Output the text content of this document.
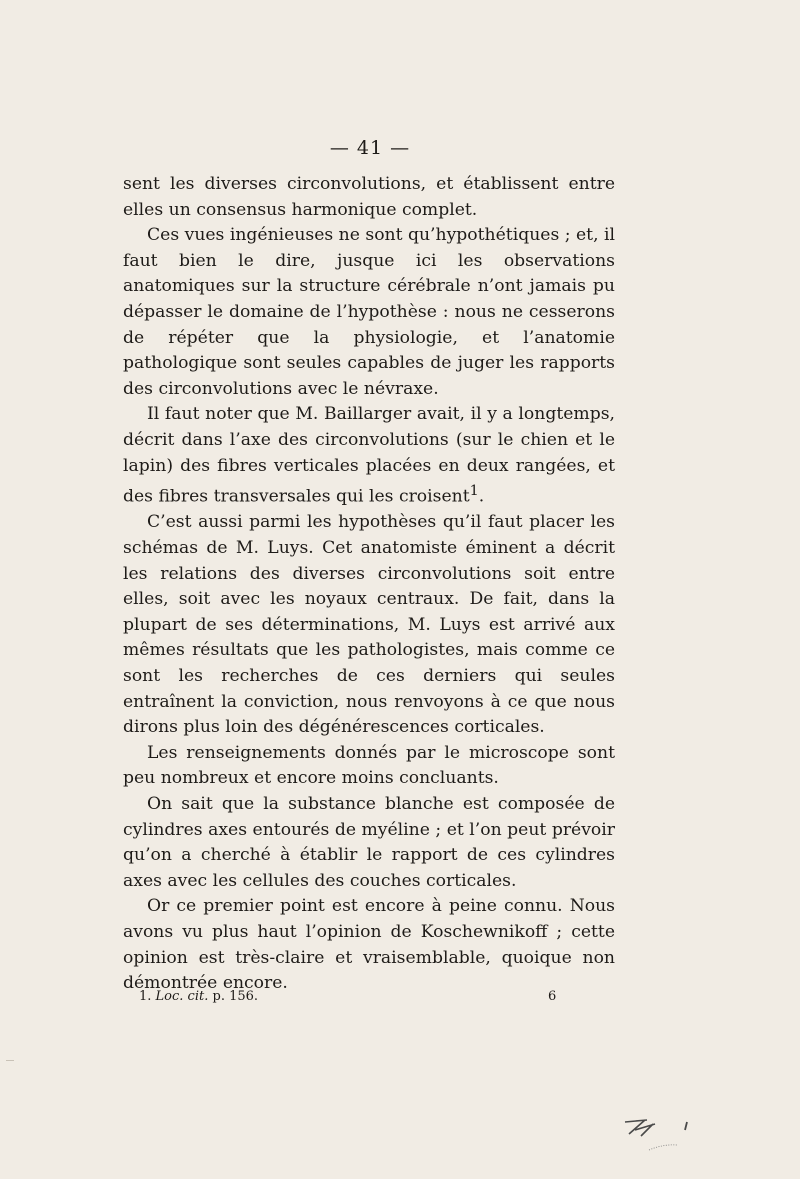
— 41 —

sent les diverses circonvolutions, et établissent entre elles un consensus harmonique complet.

Ces vues ingénieuses ne sont qu’hypothétiques ; et, il faut bien le dire, jusque ici les observations anatomiques sur la structure cérébrale n’ont jamais pu dépasser le domaine de l’hypothèse : nous ne cesserons de répéter que la physiologie, et l’anatomie pathologique sont seules capables de juger les rapports des circonvolutions avec le névraxe.

Il faut noter que M. Baillarger avait, il y a longtemps, décrit dans l’axe des circonvolutions (sur le chien et le lapin) des fibres verticales placées en deux rangées, et des fibres transversales qui les croisent$^1$.

C’est aussi parmi les hypothèses qu’il faut placer les schémas de M. Luys. Cet anatomiste éminent a décrit les relations des diverses circonvolutions soit entre elles, soit avec les noyaux centraux. De fait, dans la plupart de ses déterminations, M. Luys est arrivé aux mêmes résultats que les pathologistes, mais comme ce sont les recherches de ces derniers qui seules entraînent la conviction, nous renvoyons à ce que nous dirons plus loin des dégénérescences corticales.

Les renseignements donnés par le microscope sont peu nombreux et encore moins concluants.

On sait que la substance blanche est composée de cylindres axes entourés de myéline ; et l’on peut prévoir qu’on a cherché à établir le rapport de ces cylindres axes avec les cellules des couches corticales.

Or ce premier point est encore à peine connu. Nous avons vu plus haut l’opinion de Koschewnikoff ; cette opinion est très-claire et vraisemblable, quoique non démontrée encore.

1. Loc. cit. p. 156.	6
